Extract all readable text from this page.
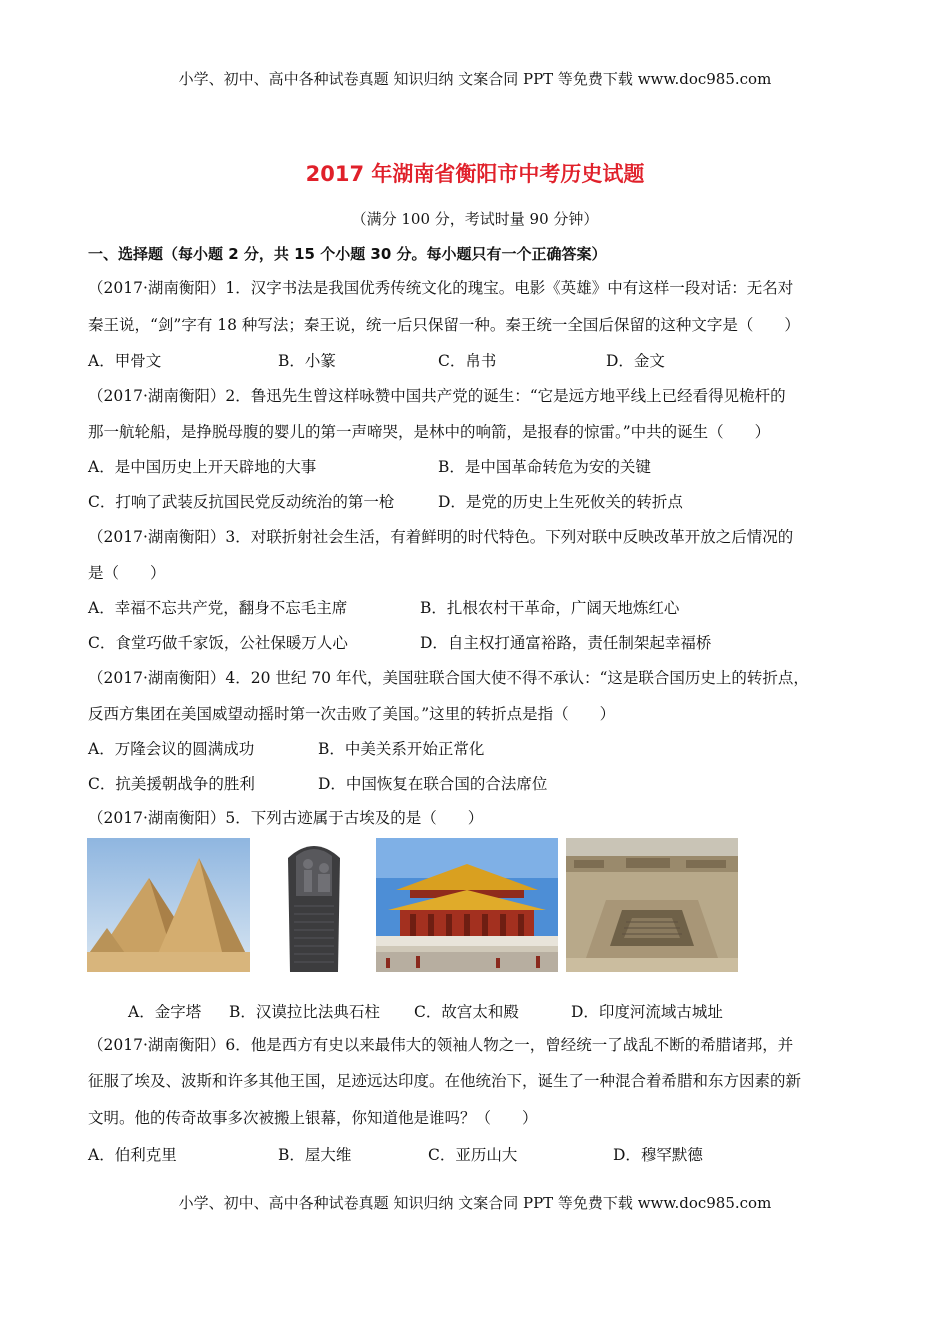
小学、初中、高中各种试卷真题 知识归纳 文案合同 PPT 等免费下载 www.doc985.com
2017 年湖南省衡阳市中考历史试题
（满分 100 分，考试时量 90 分钟）
一、选择题（每小题 2 分，共 15 个小题 30 分。每小题只有一个正确答案）
（2017·湖南衡阳）1．汉字书法是我国优秀传统文化的瑰宝。电影《英雄》中有这样一段对话：无名对
秦王说，“剑”字有 18 种写法；秦王说，统一后只保留一种。秦王统一全国后保留的这种文字是（　　）
A．甲骨文	B．小篆	C．帛书	D．金文
（2017·湖南衡阳）2．鲁迅先生曾这样咏赞中国共产党的诞生：“它是远方地平线上已经看得见桅杆的
那一航轮船，是挣脱母腹的婴儿的第一声啼哭，是林中的响箭，是报春的惊雷。”中共的诞生（　　）
A．是中国历史上开天辟地的大事	B．是中国革命转危为安的关键
C．打响了武装反抗国民党反动统治的第一枪	D．是党的历史上生死攸关的转折点
（2017·湖南衡阳）3．对联折射社会生活，有着鲜明的时代特色。下列对联中反映改革开放之后情况的
是（　　）
A．幸福不忘共产党，翻身不忘毛主席	B．扎根农村干革命，广阔天地炼红心
C．食堂巧做千家饭，公社保暖万人心	D．自主权打通富裕路，责任制架起幸福桥
（2017·湖南衡阳）4．20 世纪 70 年代，美国驻联合国大使不得不承认：“这是联合国历史上的转折点，
反西方集团在美国威望动摇时第一次击败了美国。”这里的转折点是指（　　）
A．万隆会议的圆满成功	B．中美关系开始正常化
C．抗美援朝战争的胜利	D．中国恢复在联合国的合法席位
（2017·湖南衡阳）5．下列古迹属于古埃及的是（　　）
A．金字塔 B．汉谟拉比法典石柱 C．故宫太和殿	D．印度河流域古城址
（2017·湖南衡阳）6．他是西方有史以来最伟大的领袖人物之一，曾经统一了战乱不断的希腊诸邦，并
征服了埃及、波斯和许多其他王国，足迹远达印度。在他统治下，诞生了一种混合着希腊和东方因素的新
文明。他的传奇故事多次被搬上银幕，你知道他是谁吗？（　　）
A．伯利克里	B．屋大维	C．亚历山大	D．穆罕默德
小学、初中、高中各种试卷真题 知识归纳 文案合同 PPT 等免费下载 www.doc985.com
